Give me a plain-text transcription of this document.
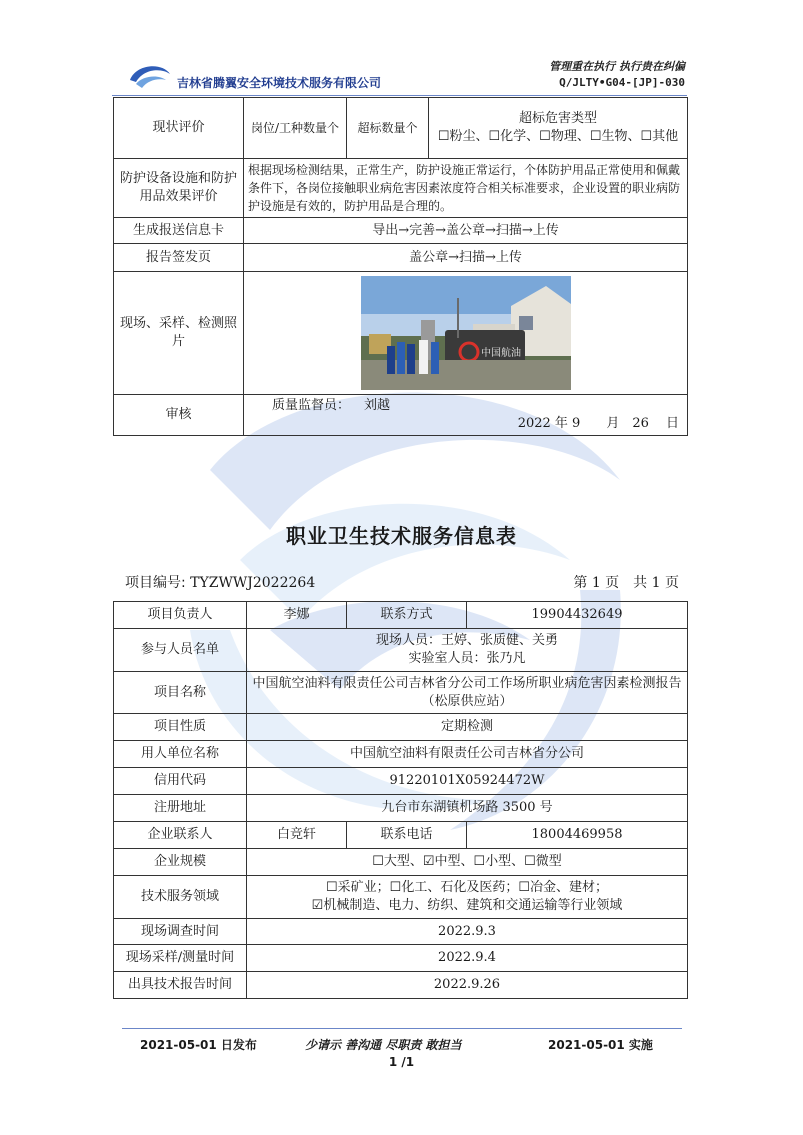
吉林省腾翼安全环境技术服务有限公司
管理重在执行 执行贵在纠偏
Q/JLTY•G04-[JP]-030
现状评价	岗位/工种数量个	超标数量个	超标危害类型
☐粉尘、☐化学、☐物理、☐生物、☐其他

防护设备设施和防护用品效果评价	根据现场检测结果，正常生产，防护设施正常运行，个体防护用品正常使用和佩戴条件下，各岗位接触职业病危害因素浓度符合相关标准要求，企业设置的职业病防护设施是有效的，防护用品是合理的。		
生成报送信息卡	导出→完善→盖公章→扫描→上传		
报告签发页	盖公章→扫描→上传		
现场、采样、检测照片	中国航油		

审核	质量监督员： 刘越
2022 年 9　　月　26　 日		
职业卫生技术服务信息表
项目编号: TYZWWJ2022264	第 1 页　共 1 页
项目负责人	李娜	联系方式	19904432649
参与人员名单	现场人员：王婷、张质健、关勇
实验室人员：张乃凡		

项目名称	中国航空油料有限责任公司吉林省分公司工作场所职业病危害因素检测报告（松原供应站）		
项目性质	定期检测		
用人单位名称	中国航空油料有限责任公司吉林省分公司		
信用代码	91220101X05924472W		
注册地址	九台市东湖镇机场路 3500 号		
企业联系人	白竞轩	联系电话	18004469958
企业规模	☐大型、☑中型、☐小型、☐微型		
技术服务领域	☐采矿业；☐化工、石化及医药；☐冶金、建材；
☑机械制造、电力、纺织、建筑和交通运输等行业领域		

现场调查时间	2022.9.3		
现场采样/测量时间	2022.9.4		
出具技术报告时间	2022.9.26		
2021-05-01 日发布	少请示 善沟通 尽职责 敢担当	2021-05-01 实施
1 /1
